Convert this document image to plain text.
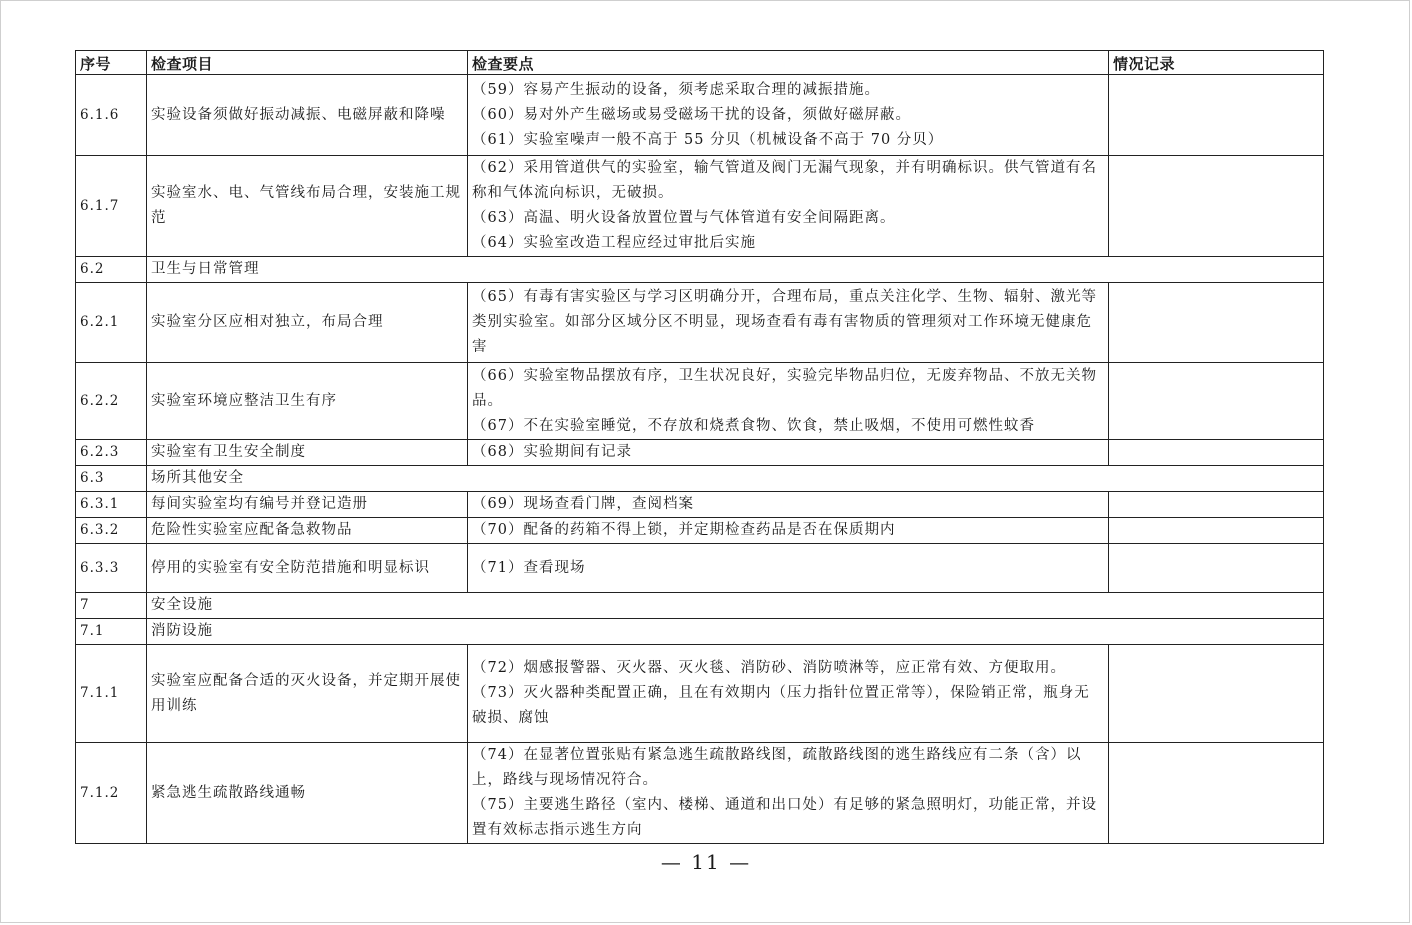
序号	检查项目	检查要点	情况记录
6.1.6	实验设备须做好振动减振、电磁屏蔽和降噪	（59）容易产生振动的设备，须考虑采取合理的减振措施。
（60）易对外产生磁场或易受磁场干扰的设备，须做好磁屏蔽。
（61）实验室噪声一般不高于 55 分贝（机械设备不高于 70 分贝）	

6.1.7	实验室水、电、气管线布局合理，安装施工规范	（62）采用管道供气的实验室，输气管道及阀门无漏气现象，并有明确标识。供气管道有名称和气体流向标识，无破损。
（63）高温、明火设备放置位置与气体管道有安全间隔距离。
（64）实验室改造工程应经过审批后实施	

6.2	卫生与日常管理		
6.2.1	实验室分区应相对独立，布局合理	（65）有毒有害实验区与学习区明确分开，合理布局，重点关注化学、生物、辐射、激光等类别实验室。如部分区域分区不明显，现场查看有毒有害物质的管理须对工作环境无健康危害	

6.2.2	实验室环境应整洁卫生有序	（66）实验室物品摆放有序，卫生状况良好，实验完毕物品归位，无废弃物品、不放无关物品。
（67）不在实验室睡觉，不存放和烧煮食物、饮食，禁止吸烟，不使用可燃性蚊香	

6.2.3	实验室有卫生安全制度	（68）实验期间有记录	

6.3	场所其他安全		
6.3.1	每间实验室均有编号并登记造册	（69）现场查看门牌，查阅档案	

6.3.2	危险性实验室应配备急救物品	（70）配备的药箱不得上锁，并定期检查药品是否在保质期内	

6.3.3	停用的实验室有安全防范措施和明显标识	（71）查看现场	

7	安全设施		
7.1	消防设施		
7.1.1	实验室应配备合适的灭火设备，并定期开展使用训练	（72）烟感报警器、灭火器、灭火毯、消防砂、消防喷淋等，应正常有效、方便取用。
（73）灭火器种类配置正确，且在有效期内（压力指针位置正常等），保险销正常，瓶身无破损、腐蚀	

7.1.2	紧急逃生疏散路线通畅	（74）在显著位置张贴有紧急逃生疏散路线图，疏散路线图的逃生路线应有二条（含）以上，路线与现场情况符合。
（75）主要逃生路径（室内、楼梯、通道和出口处）有足够的紧急照明灯，功能正常，并设置有效标志指示逃生方向	

— 11 —
